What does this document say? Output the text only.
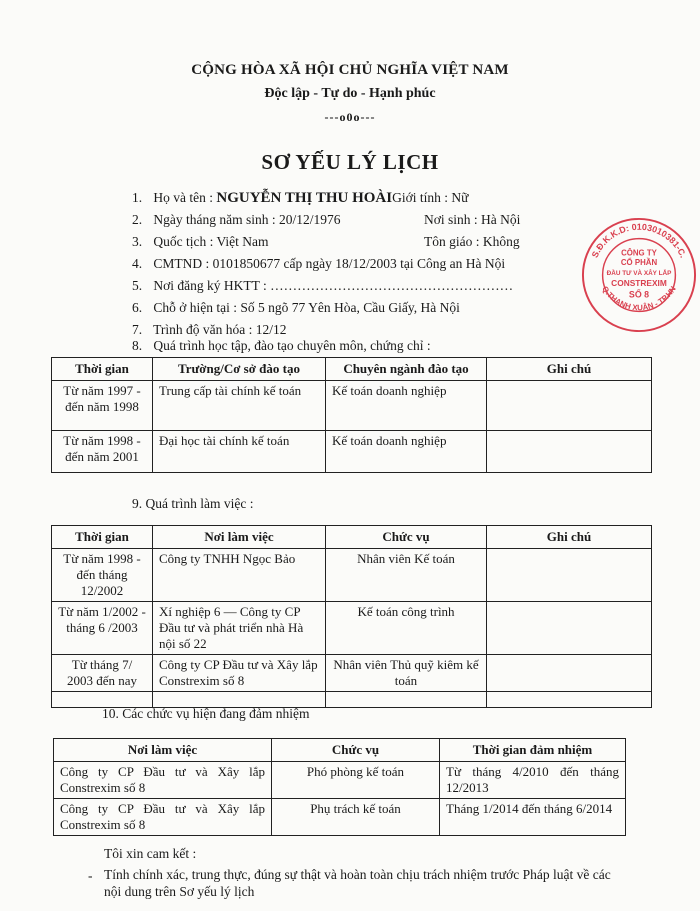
CỘNG HÒA XÃ HỘI CHỦ NGHĨA VIỆT NAM
Độc lập - Tự do - Hạnh phúc
---o0o---
SƠ YẾU LÝ LỊCH
1. Họ và tên : NGUYỄN THỊ THU HOÀIGiới tính : Nữ
2. Ngày tháng năm sinh : 20/12/1976	Nơi sinh : Hà Nội
3. Quốc tịch : Việt Nam	Tôn giáo : Không
4. CMTND : 0101850677 cấp ngày 18/12/2003 tại Công an Hà Nội
5. Nơi đăng ký HKTT : ………………………………………………
6. Chỗ ở hiện tại : Số 5 ngõ 77 Yên Hòa, Cầu Giấy, Hà Nội
7. Trình độ văn hóa : 12/12
8. Quá trình học tập, đào tạo chuyên môn, chứng chỉ :
Thời gian	Trường/Cơ sở đào tạo	Chuyên ngành đào tạo	Ghi chú
Từ năm 1997 - đến năm 1998	Trung cấp tài chính kế toán	Kế toán doanh nghiệp	
Từ năm 1998 - đến năm 2001	Đại học tài chính kế toán	Kế toán doanh nghiệp	
9. Quá trình làm việc :
Thời gian	Nơi làm việc	Chức vụ	Ghi chú
Từ năm 1998 - đến tháng 12/2002	Công ty TNHH Ngọc Bảo	Nhân viên Kế toán	
Từ năm 1/2002 - tháng 6 /2003	Xí nghiệp 6 — Công ty CP Đầu tư và phát triển nhà Hà nội số 22	Kế toán công trình	
Từ tháng 7/ 2003 đến nay	Công ty CP Đầu tư và Xây lắp Constrexim số 8	Nhân viên Thủ quỹ kiêm kế toán	

10. Các chức vụ hiện đang đảm nhiệm
Nơi làm việc	Chức vụ	Thời gian đảm nhiệm
Công ty CP Đầu tư và Xây lắp Constrexim số 8	Phó phòng kế toán	Từ tháng 4/2010 đến tháng 12/2013
Công ty CP Đầu tư và Xây lắp Constrexim số 8	Phụ trách kế toán	Tháng 1/2014 đến tháng 6/2014
Tôi xin cam kết :
- Tính chính xác, trung thực, đúng sự thật và hoàn toàn chịu trách nhiệm trước Pháp luật về các nội dung trên Sơ yếu lý lịch
S.Đ.K.K.D: 0103010381-C.
Q.THANH XUÂN - TP.HN
CÔNG TY
CỔ PHẦN
ĐẦU TƯ VÀ XÂY LẮP
CONSTREXIM
SỐ 8
